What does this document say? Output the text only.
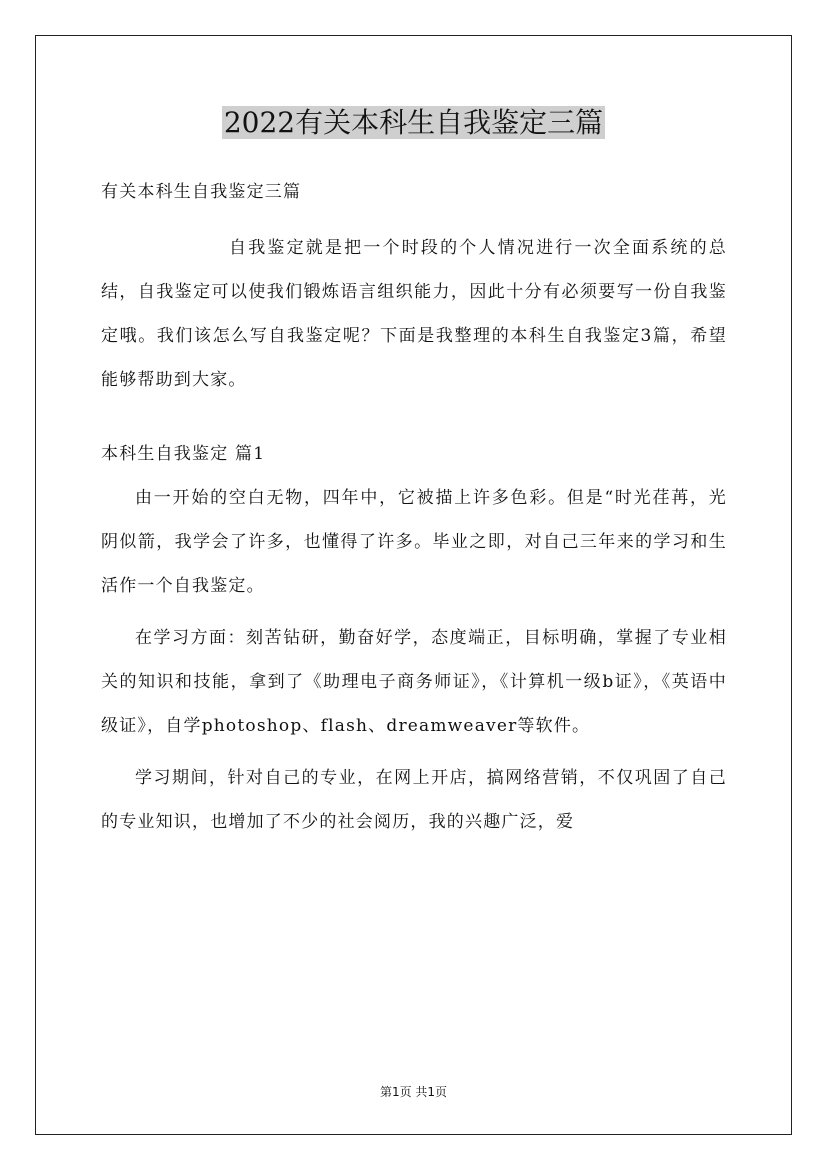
2022有关本科生自我鉴定三篇

有关本科生自我鉴定三篇

自我鉴定就是把一个时段的个人情况进行一次全面系统的总结，自我鉴定可以使我们锻炼语言组织能力，因此十分有必须要写一份自我鉴定哦。我们该怎么写自我鉴定呢？下面是我整理的本科生自我鉴定3篇，希望能够帮助到大家。

本科生自我鉴定 篇1

由一开始的空白无物，四年中，它被描上许多色彩。但是“时光荏苒，光阴似箭，我学会了许多，也懂得了许多。毕业之即，对自己三年来的学习和生活作一个自我鉴定。

在学习方面：刻苦钻研，勤奋好学，态度端正，目标明确，掌握了专业相关的知识和技能，拿到了《助理电子商务师证》，《计算机一级b证》，《英语中级证》，自学photoshop、flash、dreamweaver等软件。

学习期间，针对自己的专业，在网上开店，搞网络营销，不仅巩固了自己的专业知识，也增加了不少的社会阅历，我的兴趣广泛，爱

第1页 共1页
